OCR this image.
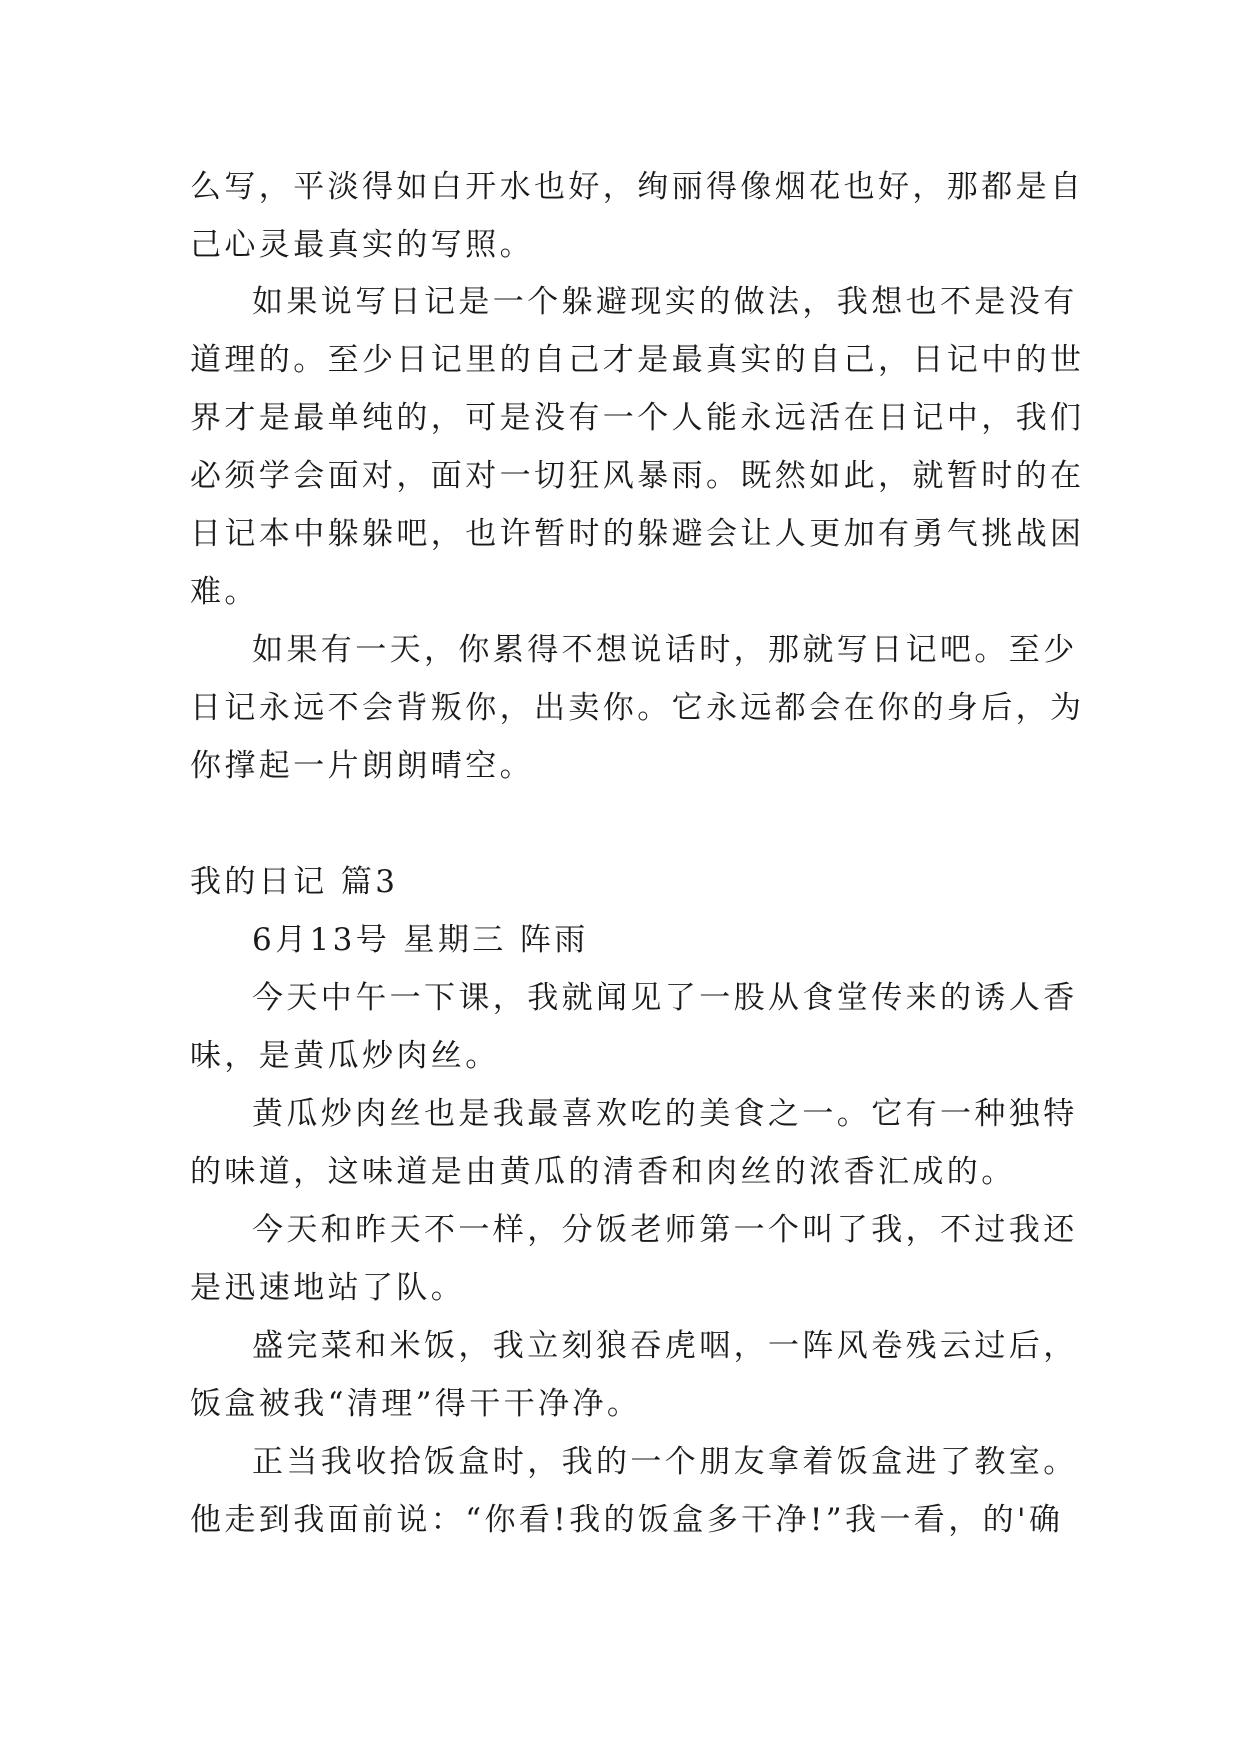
么写，平淡得如白开水也好，绚丽得像烟花也好，那都是自
己心灵最真实的写照。
如果说写日记是一个躲避现实的做法，我想也不是没有
道理的。至少日记里的自己才是最真实的自己，日记中的世
界才是最单纯的，可是没有一个人能永远活在日记中，我们
必须学会面对，面对一切狂风暴雨。既然如此，就暂时的在
日记本中躲躲吧，也许暂时的躲避会让人更加有勇气挑战困
难。
如果有一天，你累得不想说话时，那就写日记吧。至少
日记永远不会背叛你，出卖你。它永远都会在你的身后，为
你撑起一片朗朗晴空。
我的日记 篇3
6月13号 星期三 阵雨
今天中午一下课，我就闻见了一股从食堂传来的诱人香
味，是黄瓜炒肉丝。
黄瓜炒肉丝也是我最喜欢吃的美食之一。它有一种独特
的味道，这味道是由黄瓜的清香和肉丝的浓香汇成的。
今天和昨天不一样，分饭老师第一个叫了我，不过我还
是迅速地站了队。
盛完菜和米饭，我立刻狼吞虎咽，一阵风卷残云过后，
饭盒被我“清理”得干干净净。
正当我收拾饭盒时，我的一个朋友拿着饭盒进了教室。
他走到我面前说：“你看!我的饭盒多干净!”我一看，的'确
